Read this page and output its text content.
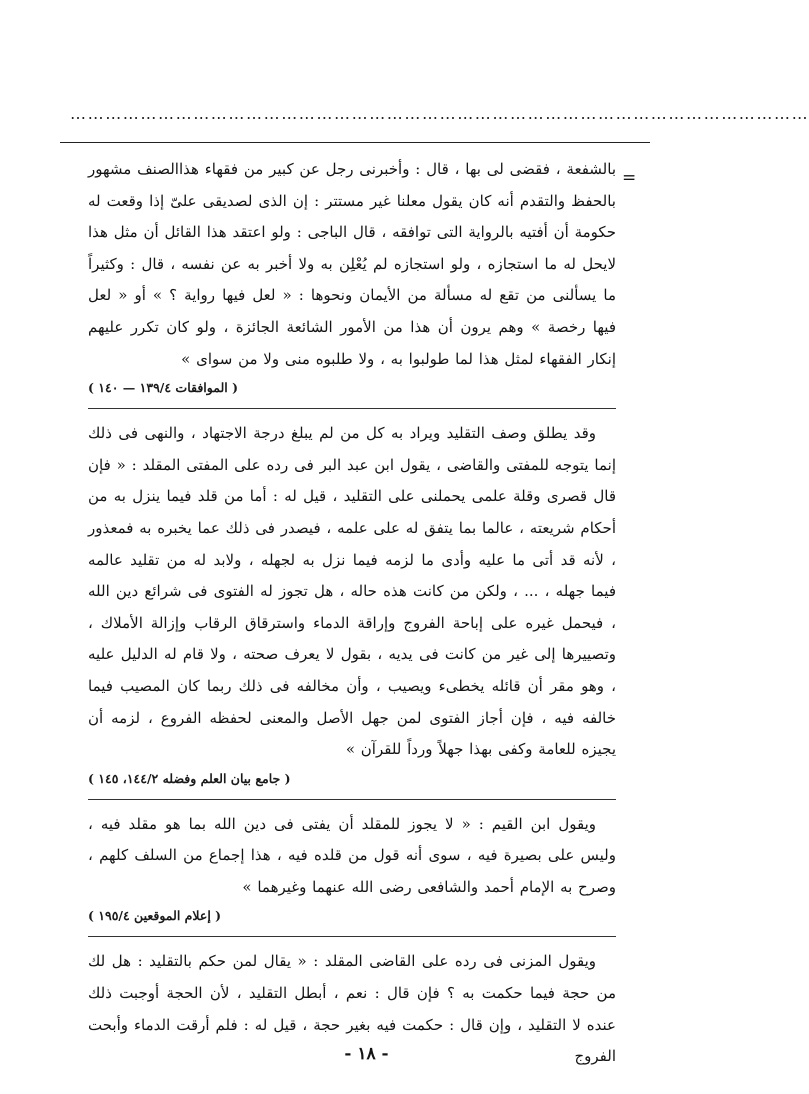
………………………………………………………………………………………………………………
=

بالشفعة ، فقضى لى بها ، قال : وأخبرنى رجل عن كبير من فقهاء هذاالصنف مشهور بالحفظ والتقدم أنه كان يقول معلنا غير مستتر : إن الذى لصديقى علىّ إذا وقعت له حكومة أن أفتيه بالرواية التى توافقه ، قال الباجى : ولو اعتقد هذا القائل أن مثل هذا لايحل له ما استجازه ، ولو استجازه لم يُعْلِن به ولا أخبر به عن نفسه ، قال : وكثيراً ما يسألنى من تقع له مسألة من الأيمان ونحوها : « لعل فيها رواية ؟ » أو « لعل فيها رخصة » وهم يرون أن هذا من الأمور الشائعة الجائزة ، ولو كان تكرر عليهم إنكار الفقهاء لمثل هذا لما طولبوا به ، ولا طلبوه منى ولا من سواى »

( الموافقات ١٣٩/٤ — ١٤٠ )

وقد يطلق وصف التقليد ويراد به كل من لم يبلغ درجة الاجتهاد ، والنهى فى ذلك إنما يتوجه للمفتى والقاضى ، يقول ابن عبد البر فى رده على المفتى المقلد : « فإن قال قصرى وقلة علمى يحملنى على التقليد ، قيل له : أما من قلد فيما ينزل به من أحكام شريعته ، عالما بما يتفق له على علمه ، فيصدر فى ذلك عما يخبره به فمعذور ، لأنه قد أتى ما عليه وأدى ما لزمه فيما نزل به لجهله ، ولابد له من تقليد عالمه فيما جهله ، ... ، ولكن من كانت هذه حاله ، هل تجوز له الفتوى فى شرائع دين الله ، فيحمل غيره على إباحة الفروج وإراقة الدماء واسترقاق الرقاب وإزالة الأملاك ، وتصييرها إلى غير من كانت فى يديه ، بقول لا يعرف صحته ، ولا قام له الدليل عليه ، وهو مقر أن قائله يخطىء ويصيب ، وأن مخالفه فى ذلك ربما كان المصيب فيما خالفه فيه ، فإن أجاز الفتوى لمن جهل الأصل والمعنى لحفظه الفروع ، لزمه أن يجيزه للعامة وكفى بهذا جهلاً ورداً للقرآن »

( جامع بيان العلم وفضله ١٤٤/٢، ١٤٥ )

ويقول ابن القيم : « لا يجوز للمقلد أن يفتى فى دين الله بما هو مقلد فيه ، وليس على بصيرة فيه ، سوى أنه قول من قلده فيه ، هذا إجماع من السلف كلهم ، وصرح به الإمام أحمد والشافعى رضى الله عنهما وغيرهما »

( إعلام الموقعين ١٩٥/٤ )

ويقول المزنى فى رده على القاضى المقلد : « يقال لمن حكم بالتقليد : هل لك من حجة فيما حكمت به ؟ فإن قال : نعم ، أبطل التقليد ، لأن الحجة أوجبت ذلك عنده لا التقليد ، وإن قال : حكمت فيه بغير حجة ، قيل له : فلم أرقت الدماء وأبحت الفروج

- ١٨ -
